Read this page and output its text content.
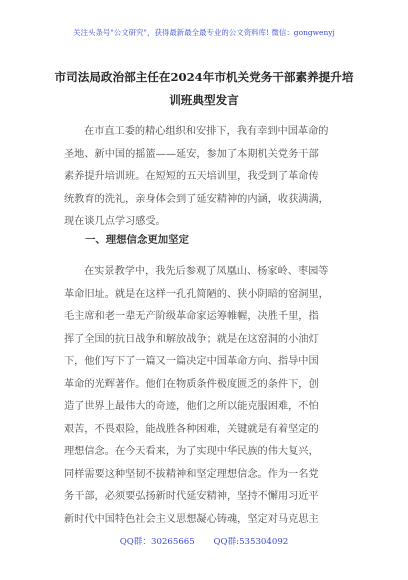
关注头条号"公文研究"，获得最新最全最专业的公文资料库! 微信：gongwenyj
市司法局政治部主任在2024年市机关党务干部素养提升培
训班典型发言
在市直工委的精心组织和安排下，我有幸到中国革命的
圣地、新中国的摇篮——延安，参加了本期机关党务干部
素养提升培训班。在短短的五天培训里，我受到了革命传
统教育的洗礼，亲身体会到了延安精神的内涵，收获满满，
现在谈几点学习感受。
一、理想信念更加坚定
在实景教学中，我先后参观了凤凰山、杨家岭、枣园等
革命旧址。就是在这样一孔孔简陋的、狭小阴暗的窑洞里，
毛主席和老一辈无产阶级革命家运筹帷幄，决胜千里，指
挥了全国的抗日战争和解放战争；就是在这窑洞的小油灯
下，他们写下了一篇又一篇决定中国革命方向、指导中国
革命的光辉著作。他们在物质条件极度匮乏的条件下，创
造了世界上最伟大的奇迹，他们之所以能克服困难，不怕
艰苦，不畏艰险，能战胜各种困难，关键就是有着坚定的
理想信念。在今天看来，为了实现中华民族的伟大复兴，
同样需要这种坚韧不拔精神和坚定理想信念。作为一名党
务干部，必须要弘扬新时代延安精神，坚持不懈用习近平
新时代中国特色社会主义思想凝心铸魂，坚定对马克思主
QQ群：30265665 QQ群:535304092
